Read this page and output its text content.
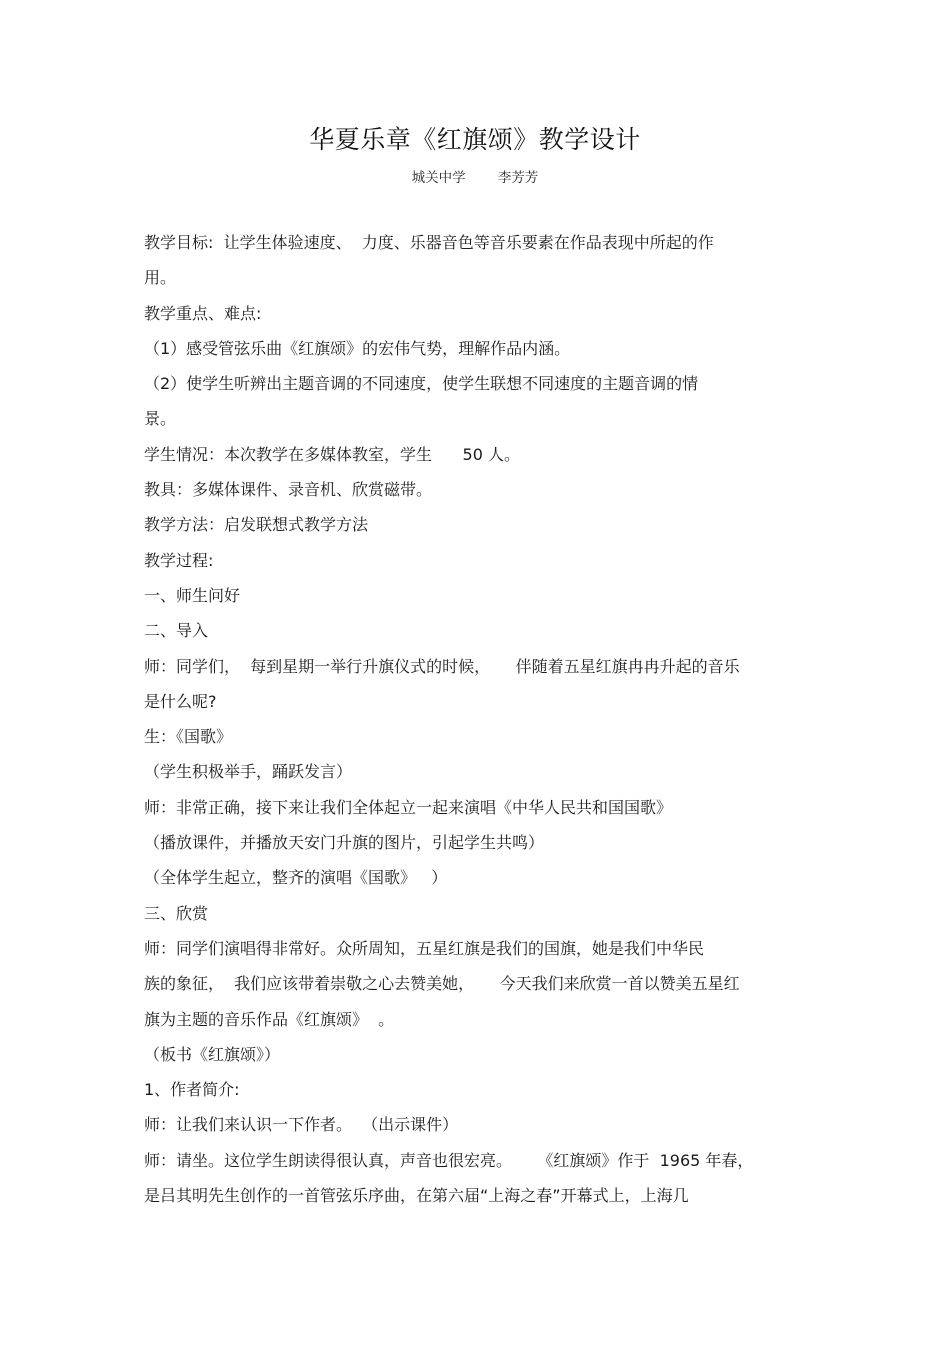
华夏乐章《红旗颂》教学设计
城关中学 李芳芳
教学目标:  让学生体验速度、  力度、乐器音色等音乐要素在作品表现中所起的作
用。
教学重点、难点:
（1）感受管弦乐曲《红旗颂》的宏伟气势，理解作品内涵。
（2）使学生听辨出主题音调的不同速度，使学生联想不同速度的主题音调的情
景。
学生情况：本次教学在多媒体教室，学生      50 人。
教具：多媒体课件、录音机、欣赏磁带。
教学方法：启发联想式教学方法
教学过程:
一、师生问好
二、导入
师：同学们，  每到星期一举行升旗仪式的时候，     伴随着五星红旗冉冉升起的音乐
是什么呢?
生：《国歌》
（学生积极举手，踊跃发言）
师：非常正确，接下来让我们全体起立一起来演唱《中华人民共和国国歌》
（播放课件，并播放天安门升旗的图片，引起学生共鸣）
（全体学生起立，整齐的演唱《国歌》   ）
三、欣赏
师：同学们演唱得非常好。众所周知，五星红旗是我们的国旗，她是我们中华民
族的象征，  我们应该带着崇敬之心去赞美她，     今天我们来欣赏一首以赞美五星红
旗为主题的音乐作品《红旗颂》  。
（板书《红旗颂》）
1、作者简介:
师：让我们来认识一下作者。  （出示课件）
师：请坐。这位学生朗读得很认真，声音也很宏亮。     《红旗颂》作于  1965 年春，
是吕其明先生创作的一首管弦乐序曲，在第六届“上海之春”开幕式上，上海几
